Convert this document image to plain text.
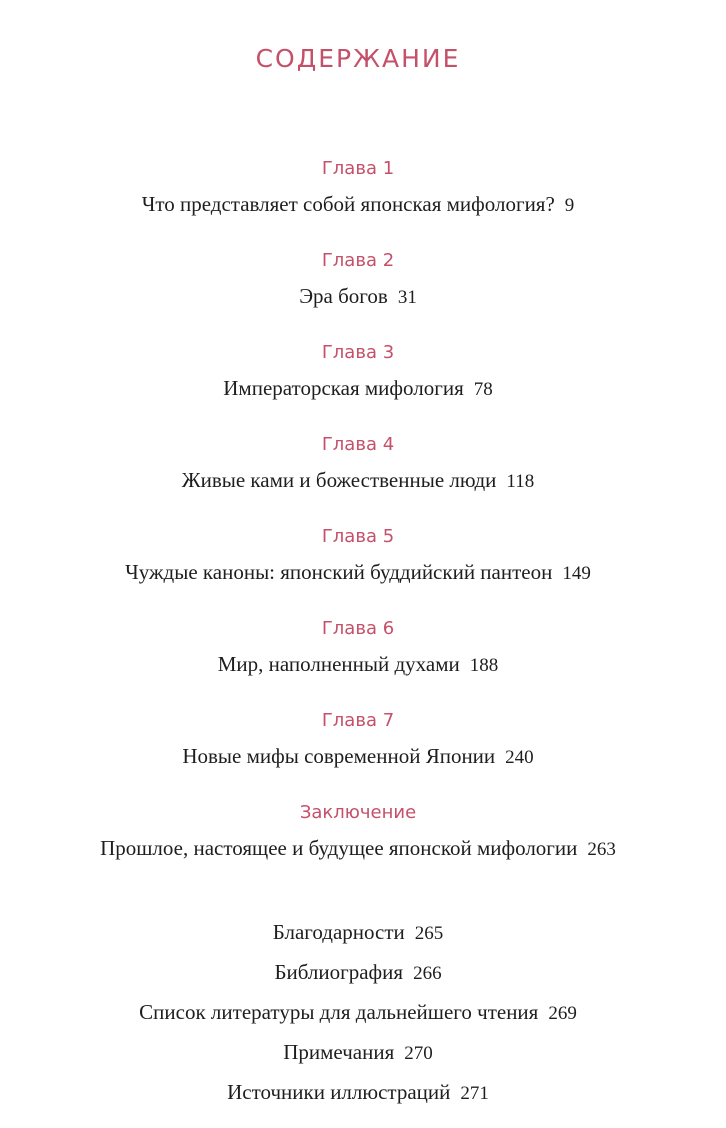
СОДЕРЖАНИЕ
Глава 1
Что представляет собой японская мифология? 9
Глава 2
Эра богов 31
Глава 3
Императорская мифология 78
Глава 4
Живые ками и божественные люди 118
Глава 5
Чуждые каноны: японский буддийский пантеон 149
Глава 6
Мир, наполненный духами 188
Глава 7
Новые мифы современной Японии 240
Заключение
Прошлое, настоящее и будущее японской мифологии 263
Благодарности 265
Библиография 266
Список литературы для дальнейшего чтения 269
Примечания 270
Источники иллюстраций 271
